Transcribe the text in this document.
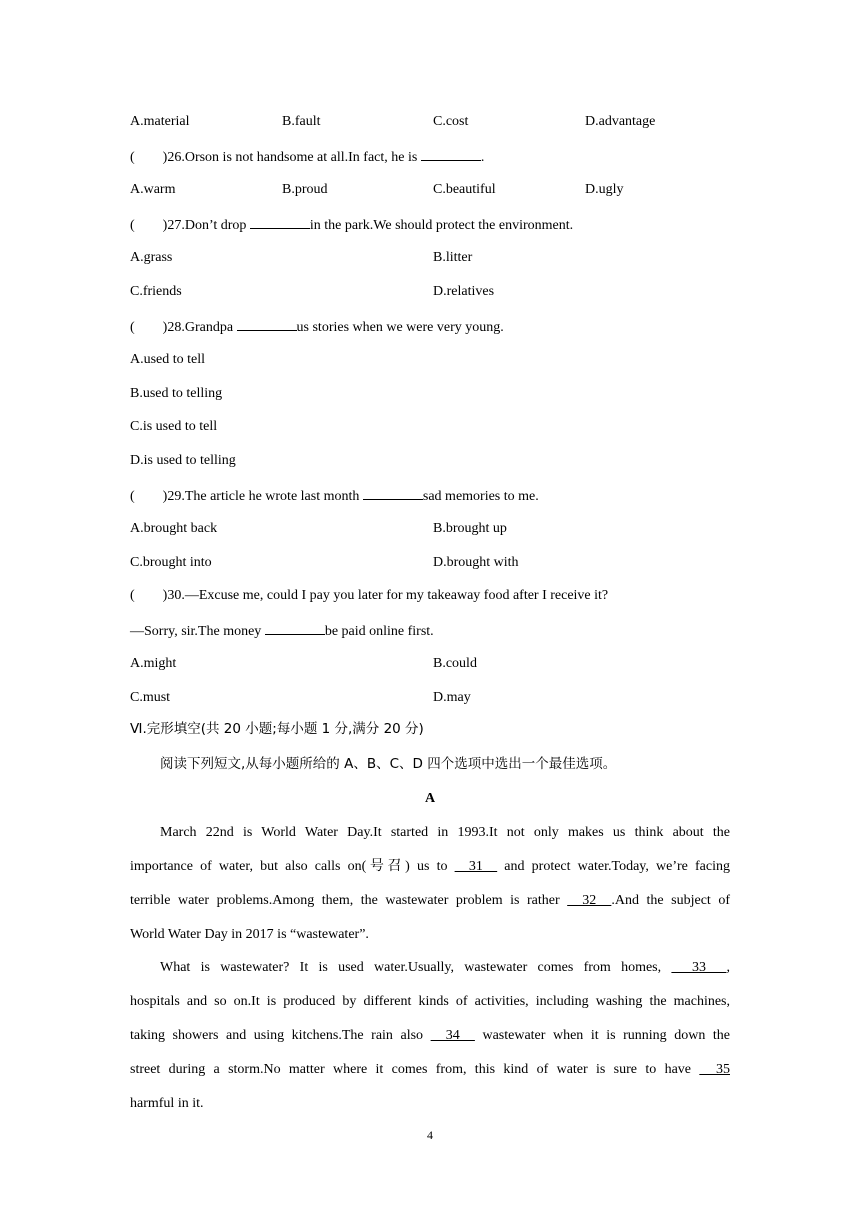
A.material	B.fault	C.cost	D.advantage
(        )26.Orson is not handsome at all.In fact, he is	.
A.warm	B.proud	C.beautiful	D.ugly
(        )27.Don’t drop	in the park.We should protect the environment.
A.grass	B.litter
C.friends	D.relatives
(        )28.Grandpa	us stories when we were very young.
A.used to tell
B.used to telling
C.is used to tell
D.is used to telling
(        )29.The article he wrote last month	sad memories to me.
A.brought back	B.brought up
C.brought into	D.brought with
(        )30.—Excuse me, could I pay you later for my takeaway food after I receive it?
—Sorry, sir.The money	be paid online first.
A.might	B.could
C.must	D.may
Ⅵ.完形填空(共 20 小题;每小题 1 分,满分 20 分)
阅读下列短文,从每小题所给的 A、B、C、D 四个选项中选出一个最佳选项。
A
March 22nd is World Water Day.It started in 1993.It not only makes us think about the
importance of water, but also calls on(号召) us to   31   and protect water.Today, we’re facing
terrible water problems.Among them, the wastewater problem is rather   32  .And the subject of
World Water Day in 2017 is “wastewater”.
What is wastewater? It is used water.Usually, wastewater comes from homes,   33  ,
hospitals and so on.It is produced by different kinds of activities, including washing the machines,
taking showers and using kitchens.The rain also   34   wastewater when it is running down the
street during a storm.No matter where it comes from, this kind of water is sure to have   35
harmful in it.
4
